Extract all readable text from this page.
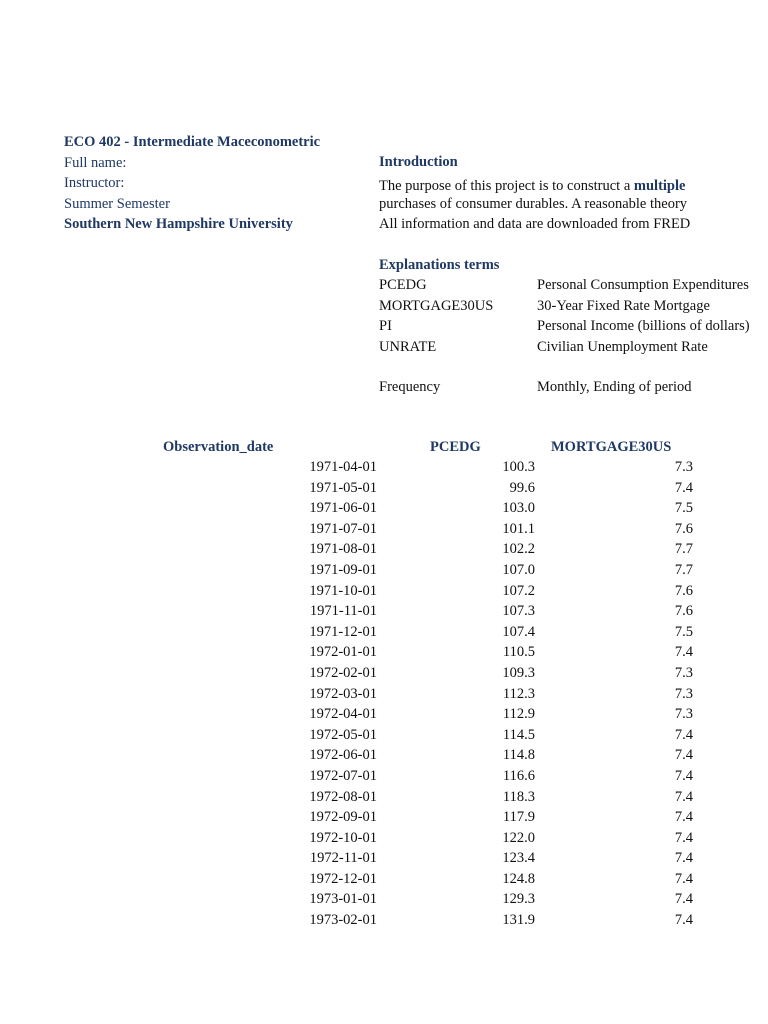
ECO 402 - Intermediate Maceconometric
Full name:
Instructor:
Summer Semester
Southern New Hampshire University
Introduction
The purpose of this project is to construct a multiple
purchases of consumer durables. A reasonable theory
All information and data are downloaded from FRED
Explanations terms
PCEDG	Personal Consumption Expenditures
MORTGAGE30US	30-Year Fixed Rate Mortgage
PI	Personal Income (billions of dollars)
UNRATE	Civilian Unemployment Rate
Frequency	Monthly, Ending of period
Observation_date	PCEDG	MORTGAGE30US
1971-04-01	100.3	7.3
1971-05-01	99.6	7.4
1971-06-01	103.0	7.5
1971-07-01	101.1	7.6
1971-08-01	102.2	7.7
1971-09-01	107.0	7.7
1971-10-01	107.2	7.6
1971-11-01	107.3	7.6
1971-12-01	107.4	7.5
1972-01-01	110.5	7.4
1972-02-01	109.3	7.3
1972-03-01	112.3	7.3
1972-04-01	112.9	7.3
1972-05-01	114.5	7.4
1972-06-01	114.8	7.4
1972-07-01	116.6	7.4
1972-08-01	118.3	7.4
1972-09-01	117.9	7.4
1972-10-01	122.0	7.4
1972-11-01	123.4	7.4
1972-12-01	124.8	7.4
1973-01-01	129.3	7.4
1973-02-01	131.9	7.4
